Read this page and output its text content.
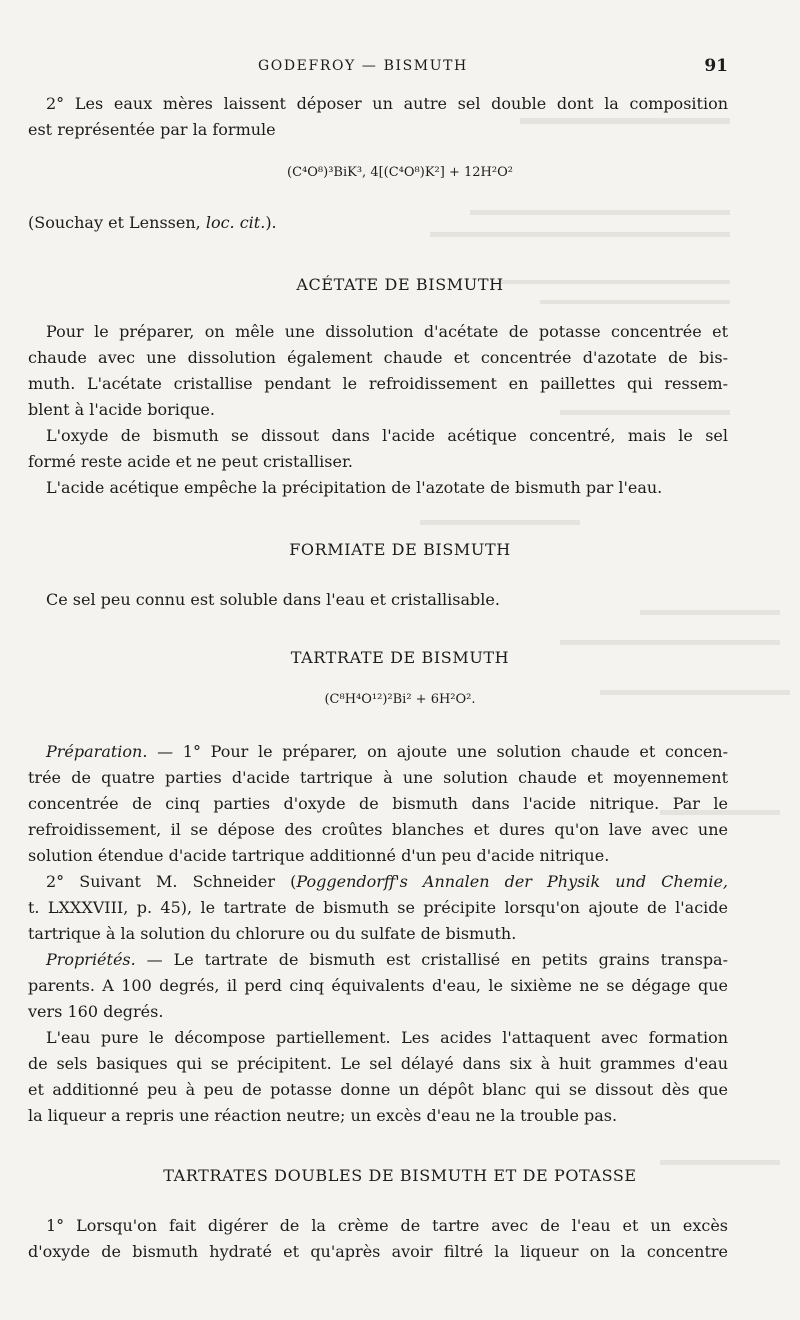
GODEFROY — BISMUTH	91
2° Les eaux mères laissent déposer un autre sel double dont la composition
est représentée par la formule
(C⁴O⁸)³BiK³, 4[(C⁴O⁸)K²] + 12H²O²
(Souchay et Lenssen, loc. cit.).
ACÉTATE DE BISMUTH
Pour le préparer, on mêle une dissolution d'acétate de potasse concentrée et
chaude avec une dissolution également chaude et concentrée d'azotate de bis-
muth. L'acétate cristallise pendant le refroidissement en paillettes qui ressem-
blent à l'acide borique.
L'oxyde de bismuth se dissout dans l'acide acétique concentré, mais le sel
formé reste acide et ne peut cristalliser.
L'acide acétique empêche la précipitation de l'azotate de bismuth par l'eau.
FORMIATE DE BISMUTH
Ce sel peu connu est soluble dans l'eau et cristallisable.
TARTRATE DE BISMUTH
(C⁸H⁴O¹²)²Bi² + 6H²O².
Préparation. — 1° Pour le préparer, on ajoute une solution chaude et concen-
trée de quatre parties d'acide tartrique à une solution chaude et moyennement
concentrée de cinq parties d'oxyde de bismuth dans l'acide nitrique. Par le
refroidissement, il se dépose des croûtes blanches et dures qu'on lave avec une
solution étendue d'acide tartrique additionné d'un peu d'acide nitrique.
2° Suivant M. Schneider (Poggendorff's Annalen der Physik und Chemie,
t. LXXXVIII, p. 45), le tartrate de bismuth se précipite lorsqu'on ajoute de l'acide
tartrique à la solution du chlorure ou du sulfate de bismuth.
Propriétés. — Le tartrate de bismuth est cristallisé en petits grains transpa-
parents. A 100 degrés, il perd cinq équivalents d'eau, le sixième ne se dégage que
vers 160 degrés.
L'eau pure le décompose partiellement. Les acides l'attaquent avec formation
de sels basiques qui se précipitent. Le sel délayé dans six à huit grammes d'eau
et additionné peu à peu de potasse donne un dépôt blanc qui se dissout dès que
la liqueur a repris une réaction neutre; un excès d'eau ne la trouble pas.
TARTRATES DOUBLES DE BISMUTH ET DE POTASSE
1° Lorsqu'on fait digérer de la crème de tartre avec de l'eau et un excès
d'oxyde de bismuth hydraté et qu'après avoir filtré la liqueur on la concentre
